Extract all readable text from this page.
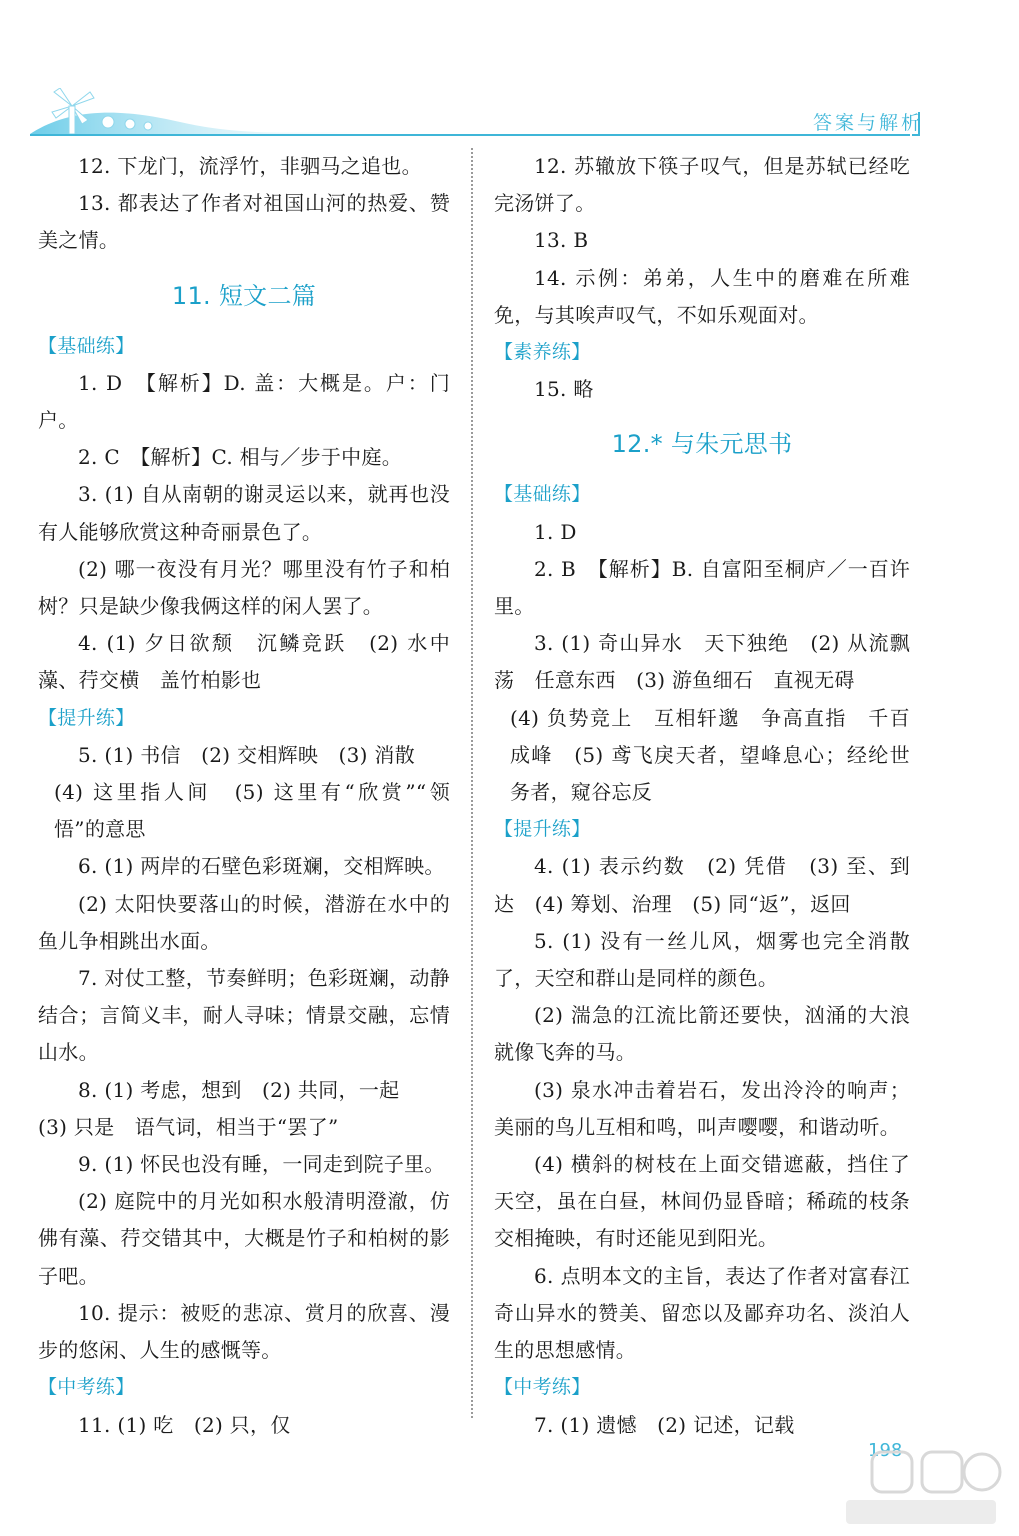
答案与解析

12. 下龙门，流浮竹，非驷马之追也。

13. 都表达了作者对祖国山河的热爱、赞美之情。

11. 短文二篇

【基础练】

1. D　【解析】D. 盖：大概是。户：门户。

2. C　【解析】C. 相与／步于中庭。

3. (1) 自从南朝的谢灵运以来，就再也没有人能够欣赏这种奇丽景色了。

(2) 哪一夜没有月光？哪里没有竹子和柏树？只是缺少像我俩这样的闲人罢了。

4. (1) 夕日欲颓　沉鳞竞跃　(2) 水中藻、荇交横　盖竹柏影也

【提升练】

5. (1) 书信　(2) 交相辉映　(3) 消散

(4) 这里指人间　(5) 这里有“欣赏”“领悟”的意思

6. (1) 两岸的石壁色彩斑斓，交相辉映。

(2) 太阳快要落山的时候，潜游在水中的鱼儿争相跳出水面。

7. 对仗工整，节奏鲜明；色彩斑斓，动静结合；言简义丰，耐人寻味；情景交融，忘情山水。

8. (1) 考虑，想到　(2) 共同，一起

(3) 只是　语气词，相当于“罢了”

9. (1) 怀民也没有睡，一同走到院子里。

(2) 庭院中的月光如积水般清明澄澈，仿佛有藻、荇交错其中，大概是竹子和柏树的影子吧。

10. 提示：被贬的悲凉、赏月的欣喜、漫步的悠闲、人生的感慨等。

【中考练】

11. (1) 吃　(2) 只，仅

12. 苏辙放下筷子叹气，但是苏轼已经吃完汤饼了。

13. B

14. 示例：弟弟，人生中的磨难在所难免，与其唉声叹气，不如乐观面对。

【素养练】

15. 略

12.* 与朱元思书

【基础练】

1. D

2. B　【解析】B. 自富阳至桐庐／一百许里。

3. (1) 奇山异水　天下独绝　(2) 从流飘荡　任意东西　(3) 游鱼细石　直视无碍

(4) 负势竞上　互相轩邈　争高直指　千百成峰　(5) 鸢飞戾天者，望峰息心；经纶世务者，窥谷忘反

【提升练】

4. (1) 表示约数　(2) 凭借　(3) 至、到达　(4) 筹划、治理　(5) 同“返”，返回

5. (1) 没有一丝儿风，烟雾也完全消散了，天空和群山是同样的颜色。

(2) 湍急的江流比箭还要快，汹涌的大浪就像飞奔的马。

(3) 泉水冲击着岩石，发出泠泠的响声；美丽的鸟儿互相和鸣，叫声嘤嘤，和谐动听。

(4) 横斜的树枝在上面交错遮蔽，挡住了天空，虽在白昼，林间仍显昏暗；稀疏的枝条交相掩映，有时还能见到阳光。

6. 点明本文的主旨，表达了作者对富春江奇山异水的赞美、留恋以及鄙弃功名、淡泊人生的思想感情。

【中考练】

7. (1) 遗憾　(2) 记述，记载

198
